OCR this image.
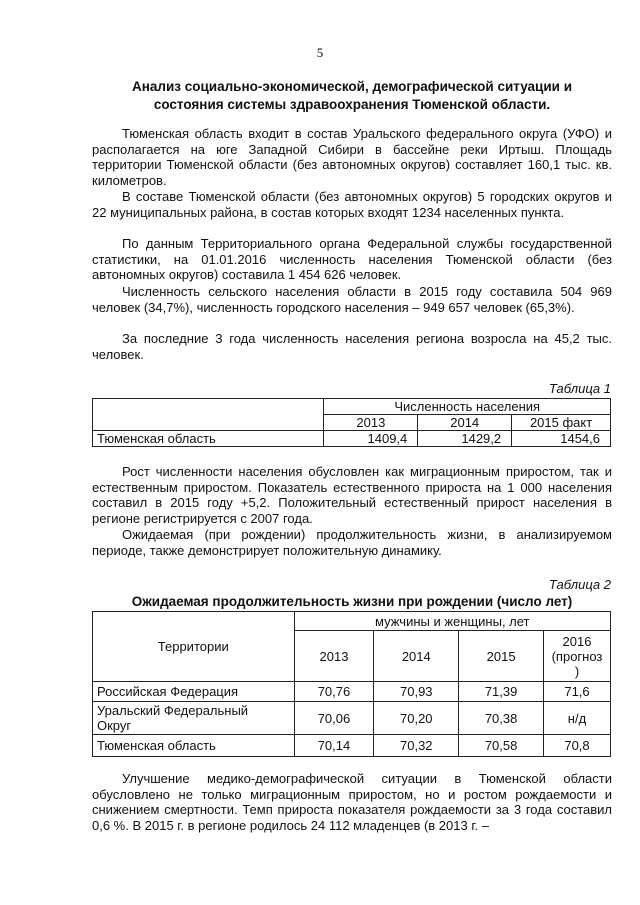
5
Анализ социально-экономической, демографической ситуации и
состояния системы здравоохранения Тюменской области.

Тюменская область входит в состав Уральского федерального округа (УФО) и располагается на юге Западной Сибири в бассейне реки Иртыш. Площадь территории Тюменской области (без автономных округов) составляет 160,1 тыс. кв. километров.

В составе Тюменской области (без автономных округов) 5 городских округов и 22 муниципальных района, в состав которых входят 1234 населенных пункта.

По данным Территориального органа Федеральной службы государственной статистики, на 01.01.2016 численность населения Тюменской области (без автономных округов) составила 1 454 626 человек.

Численность сельского населения области в 2015 году составила 504 969 человек (34,7%), численность городского населения – 949 657 человек (65,3%).

За последние 3 года численность населения региона возросла на 45,2 тыс. человек.

Таблица 1
	Численность населения		
	2013	2014	2015 факт
Тюменская область	1409,4	1429,2	1454,6

Рост численности населения обусловлен как миграционным приростом, так и естественным приростом. Показатель естественного прироста на 1 000 населения составил в 2015 году +5,2. Положительный естественный прирост населения в регионе регистрируется с 2007 года.

Ожидаемая (при рождении) продолжительность жизни, в анализируемом периоде, также демонстрирует положительную динамику.

Таблица 2
Ожидаемая продолжительность жизни при рождении (число лет)
Территории	мужчины и женщины, лет			
	2013	2014	2015	2016
(прогноз
)

Российская Федерация	70,76	70,93	71,39	71,6

Уральский Федеральный
Округ	70,06	70,20	70,38	н/д
Тюменская область	70,14	70,32	70,58	70,8

Улучшение медико-демографической ситуации в Тюменской области обусловлено не только миграционным приростом, но и ростом рождаемости и снижением смертности. Темп прироста показателя рождаемости за 3 года составил 0,6 %. В 2015 г. в регионе родилось 24 112 младенцев (в 2013 г. –
